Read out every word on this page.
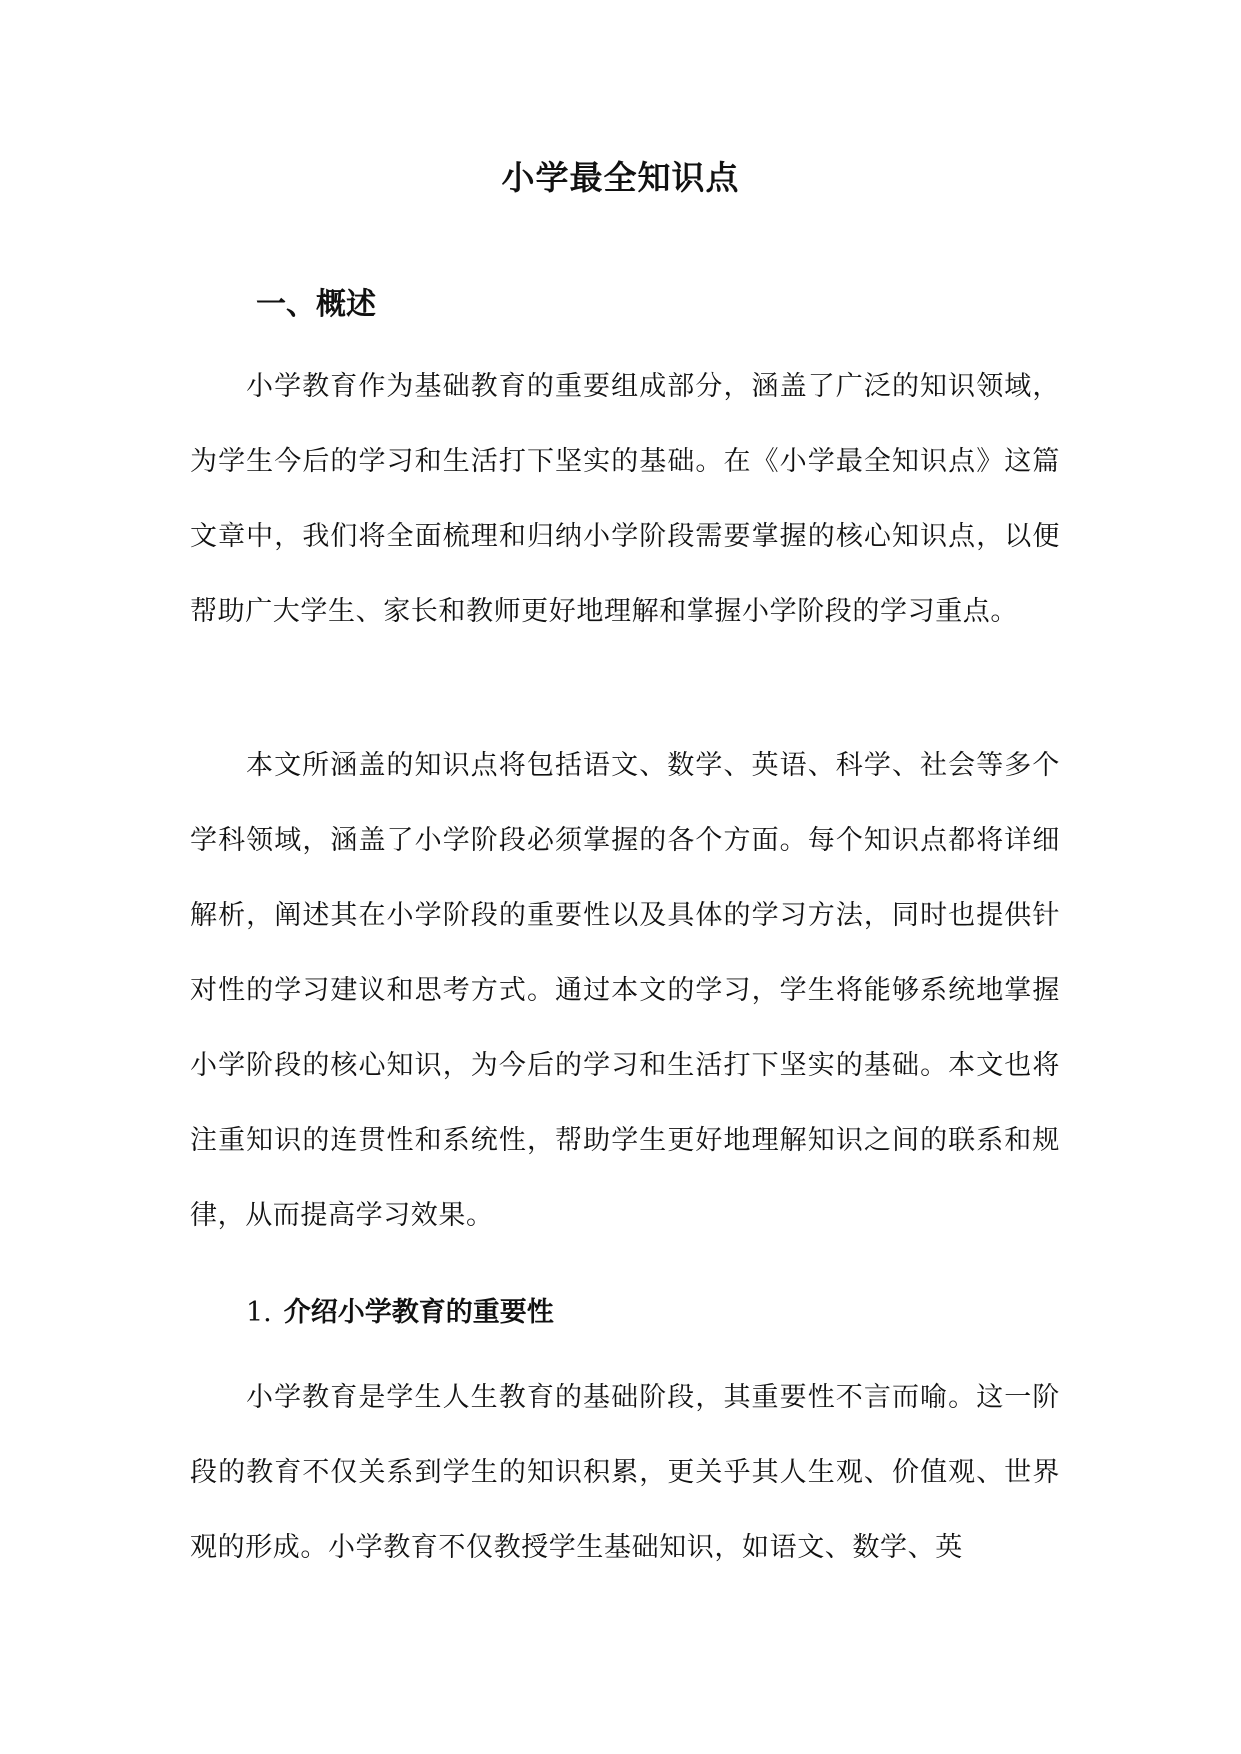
小学最全知识点
一、概述

小学教育作为基础教育的重要组成部分，涵盖了广泛的知识领域，为学生今后的学习和生活打下坚实的基础。在《小学最全知识点》这篇文章中，我们将全面梳理和归纳小学阶段需要掌握的核心知识点，以便帮助广大学生、家长和教师更好地理解和掌握小学阶段的学习重点。

本文所涵盖的知识点将包括语文、数学、英语、科学、社会等多个学科领域，涵盖了小学阶段必须掌握的各个方面。每个知识点都将详细解析，阐述其在小学阶段的重要性以及具体的学习方法，同时也提供针对性的学习建议和思考方式。通过本文的学习，学生将能够系统地掌握小学阶段的核心知识，为今后的学习和生活打下坚实的基础。本文也将注重知识的连贯性和系统性，帮助学生更好地理解知识之间的联系和规律，从而提高学习效果。

1. 介绍小学教育的重要性

小学教育是学生人生教育的基础阶段，其重要性不言而喻。这一阶段的教育不仅关系到学生的知识积累，更关乎其人生观、价值观、世界观的形成。小学教育不仅教授学生基础知识，如语文、数学、英
